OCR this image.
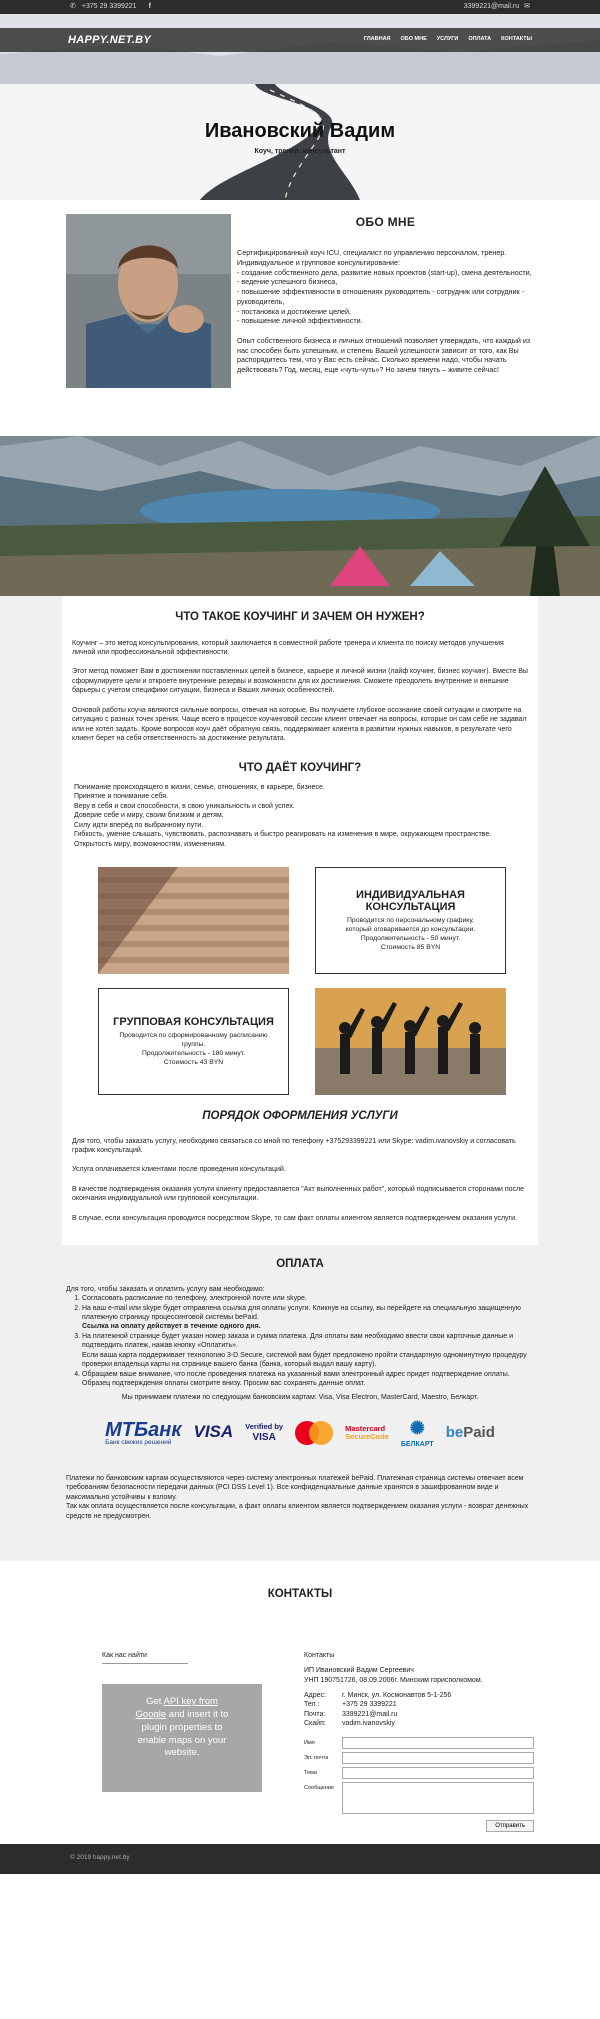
✆ +375 29 3399221 f	3399221@mail.ru ✉
HAPPY.NET.BY	ГЛАВНАЯ ОБО МНЕ УСЛУГИ ОПЛАТА КОНТАКТЫ
Ивановский Вадим
Коуч, тренер, консультант
ОБО МНЕ

Сертифицированный коуч ICU, специалист по управлению персоналом, тренер.

Индивидуальное и групповое консультирование:

- создание собственного дела, развитие новых проектов (start-up), смена деятельности,

- ведение успешного бизнеса,

- повышение эффективности в отношениях руководитель - сотрудник или сотрудник - руководитель,

- постановка и достижение целей,

- повышение личной эффективности.

Опыт собственного бизнеса и личных отношений позволяет утверждать, что каждый из нас способен быть успешным, и степень Вашей успешности зависит от того, как Вы распорядитесь тем, что у Вас есть сейчас. Сколько времени надо, чтобы начать действовать? Год, месяц, еще «чуть-чуть»? Но зачем тянуть – живите сейчас!

ЧТО ТАКОЕ КОУЧИНГ И ЗАЧЕМ ОН НУЖЕН?

Коучинг – это метод консультирования, который заключается в совместной работе тренера и клиента по поиску методов улучшения личной или профессиональной эффективности.

Этот метод поможет Вам в достижении поставленных целей в бизнесе, карьере и личной жизни (лайф коучинг, бизнес коучинг). Вместе Вы сформулируете цели и откроете внутренние резервы и возможности для их достижения. Сможете преодолеть внутренние и внешние барьеры с учетом специфики ситуации, бизнеса и Ваших личных особенностей.

Основой работы коуча являются сильные вопросы, отвечая на которые, Вы получаете глубокое осознание своей ситуации и смотрите на ситуацию с разных точек зрения. Чаще всего в процессе коучинговой сессии клиент отвечает на вопросы, которые он сам себе не задавал или не хотел задать. Кроме вопросов коуч даёт обратную связь, поддерживает клиента в развитии нужных навыков, в результате чего клиент берет на себя ответственность за достижение результата.

ЧТО ДАЁТ КОУЧИНГ?
Понимание происходящего в жизни, семье, отношениях, в карьере, бизнесе.
Принятие и понимание себя.
Веру в себя и свои способности, в свою уникальность и свой успех.
Доверие себе и миру, своим близким и детям.
Силу идти вперёд по выбранному пути.
Гибкость, умение слышать, чувствовать, распознавать и быстро реагировать на изменения в мире, окружающем пространстве.
Открытость миру, возможностям, изменениям.
ИНДИВИДУАЛЬНАЯ КОНСУЛЬТАЦИЯ
Проводится по персональному графику,
который оговаривается до консультации.
Продолжительность - 50 минут.
Стоимость 85 BYN
ГРУППОВАЯ КОНСУЛЬТАЦИЯ
Проводится по сформированному расписанию
группы.
Продолжительность - 180 минут.
Стоимость 43 BYN
ПОРЯДОК ОФОРМЛЕНИЯ УСЛУГИ

Для того, чтобы заказать услугу, необходимо связаться со мной по телефону +375293399221 или Skype: vadim.ivanovskiy и согласовать график консультаций.

Услуга оплачивается клиентами после проведения консультаций.

В качестве подтверждения оказания услуги клиенту предоставляется "Акт выполненных работ", который подписывается сторонами после окончания индивидуальной или групповой консультации.

В случае, если консультация проводится посредством Skype, то сам факт оплаты клиентом является подтверждением оказания услуги.

ОПЛАТА

Для того, чтобы заказать и оплатить услугу вам необходимо:

1. Согласовать расписание по телефону, электронной почте или skype.
2. На ваш e-mail или skype будет отправлена ссылка для оплаты услуги. Кликнув на ссылку, вы перейдете на специальную защищенную платежную страницу процессинговой системы bePaid.
Ссылка на оплату действует в течение одного дня.
3. На платежной странице будет указан номер заказа и сумма платежа. Для оплаты вам необходимо ввести свои карточные данные и подтвердить платеж, нажав кнопку «Оплатить».
Если ваша карта поддерживает технологию 3-D Secure, системой вам будет предложено пройти стандартную одноминутную процедуру проверки владельца карты на странице вашего банка (банка, который выдал вашу карту).
4. Обращаем ваше внимание, что после проведения платежа на указанный вами электронный адрес придет подтверждение оплаты. Образец подтверждения оплаты смотрите внизу. Просим вас сохранять данные оплат.

Мы принимаем платежи по следующим банковским картам: Visa, Visa Electron, MasterCard, Maestro, Белкарт.

МТБанк
Банк свежих решений
VISA Verified by
VISA
Mastercard
SecureCode	✺
БЕЛКАРТ
bePaid

Платежи по банковским картам осуществляются через систему электронных платежей bePaid. Платежная страница системы отвечает всем требованиям безопасности передачи данных (PCI DSS Level 1). Все конфиденциальные данные хранятся в зашифрованном виде и максимально устойчивы к взлому.

Так как оплата осуществляется после консультации, а факт оплаты клиентом является подтверждением оказания услуги - возврат денежных средств не предусмотрен.

КОНТАКТЫ
Как нас найти
Get API key from Google and insert it to plugin properties to enable maps on your website.
Контакты
ИП Ивановский Вадим Сергеевич
УНП 190751726, 08.09.2006г. Минским горисполкомом.
Адрес:	г. Минск, ул. Космонавтов 5-1-256
Тел.:	+375 29 3399221
Почта:	3399221@mail.ru
Скайп:	vadim.ivanovskiy
Имя
Эл. почта
Тема
Сообщение
Отправить
© 2019 happy.net.by
